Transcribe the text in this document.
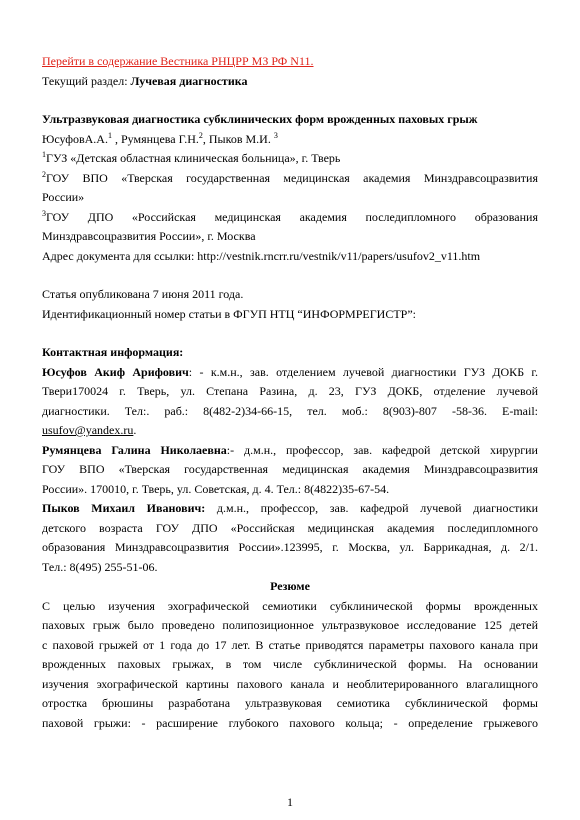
Перейти в содержание Вестника РНЦРР МЗ РФ N11.
Текущий раздел: Лучевая диагностика
Ультразвуковая диагностика субклинических форм врожденных паховых грыж
ЮсуфовА.А.$^1$ , Румянцева Г.Н.$^2$, Пыков М.И. $^3$
$^1$ГУЗ «Детская областная клиническая больница», г. Тверь
$^2$ГОУ ВПО «Тверская государственная медицинская академия Минздравсоцразвития
России»
$^3$ГОУ ДПО «Российская медицинская академия последипломного образования
Минздравсоцразвития России», г. Москва
Адрес документа для ссылки: http://vestnik.rncrr.ru/vestnik/v11/papers/usufov2_v11.htm
Статья опубликована 7 июня 2011 года.
Идентификационный номер статьи в ФГУП НТЦ “ИНФОРМРЕГИСТР”:
Контактная информация:
Юсуфов Акиф Арифович: - к.м.н., зав. отделением лучевой диагностики ГУЗ ДОКБ г.
Твери170024 г. Тверь, ул. Степана Разина, д. 23, ГУЗ ДОКБ, отделение лучевой
диагностики. Тел:. раб.: 8(482-2)34-66-15, тел. моб.: 8(903)-807 -58-36. E-mail:
usufov@yandex.ru.
Румянцева Галина Николаевна:- д.м.н., профессор, зав. кафедрой детской хирургии
ГОУ ВПО «Тверская государственная медицинская академия Минздравсоцразвития
России». 170010, г. Тверь, ул. Советская, д. 4. Тел.: 8(4822)35-67-54.
Пыков Михаил Иванович: д.м.н., профессор, зав. кафедрой лучевой диагностики
детского возраста ГОУ ДПО «Российская медицинская академия последипломного
образования Минздравсоцразвития России».123995, г. Москва, ул. Баррикадная, д. 2/1.
Тел.: 8(495) 255-51-06.
Резюме
С целью изучения эхографической семиотики субклинической формы врожденных
паховых грыж было проведено полипозиционное ультразвуковое исследование 125 детей
с паховой грыжей от 1 года до 17 лет. В статье приводятся параметры пахового канала при
врожденных паховых грыжах, в том числе субклинической формы. На основании
изучения эхографической картины пахового канала и необлитерированного влагалищного
отростка брюшины разработана ультразвуковая семиотика субклинической формы
паховой грыжи: - расширение глубокого пахового кольца; - определение грыжевого
1
